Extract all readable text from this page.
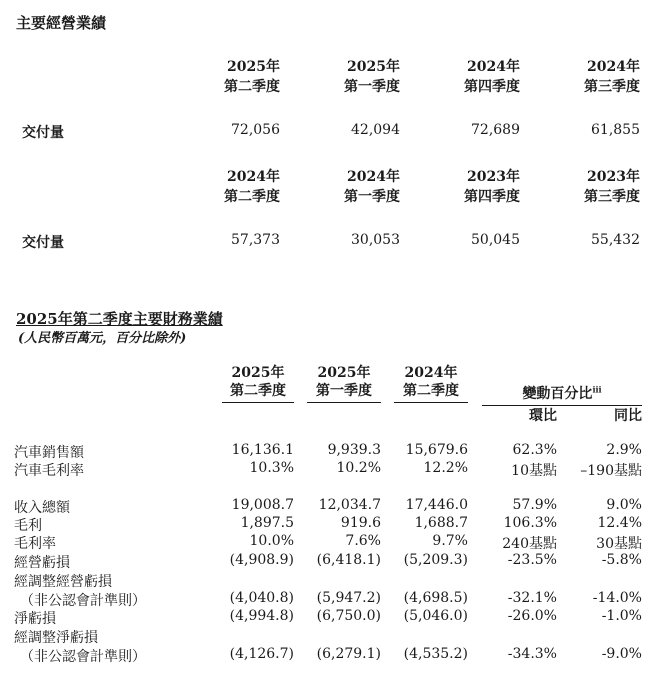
主要經營業績
2025年
第二季度
2025年
第一季度
2024年
第四季度
2024年
第三季度
交付量	72,056	42,094	72,689	61,855
2024年
第二季度
2024年
第一季度
2023年
第四季度
2023年
第三季度
交付量	57,373	30,053	50,045	55,432
2025年第二季度主要財務業績
(人民幣百萬元，百分比除外)
2025年
第二季度
2025年
第一季度
2024年
第二季度	變動百分比$^{iii}$
環比	同比
汽車銷售額	16,136.1	9,939.3	15,679.6	62.3%	2.9%
汽車毛利率	10.3%	10.2%	12.2%	10基點	–190基點
收入總額	19,008.7	12,034.7	17,446.0	57.9%	9.0%
毛利	1,897.5	919.6	1,688.7	106.3%	12.4%
毛利率	10.0%	7.6%	9.7%	240基點	30基點
經營虧損	(4,908.9)	(6,418.1)	(5,209.3)	-23.5%	-5.8%
經調整經營虧損
（非公認會計準則）	(4,040.8)	(5,947.2)	(4,698.5)	-32.1%	-14.0%
淨虧損	(4,994.8)	(6,750.0)	(5,046.0)	-26.0%	-1.0%
經調整淨虧損
（非公認會計準則）	(4,126.7)	(6,279.1)	(4,535.2)	-34.3%	-9.0%
